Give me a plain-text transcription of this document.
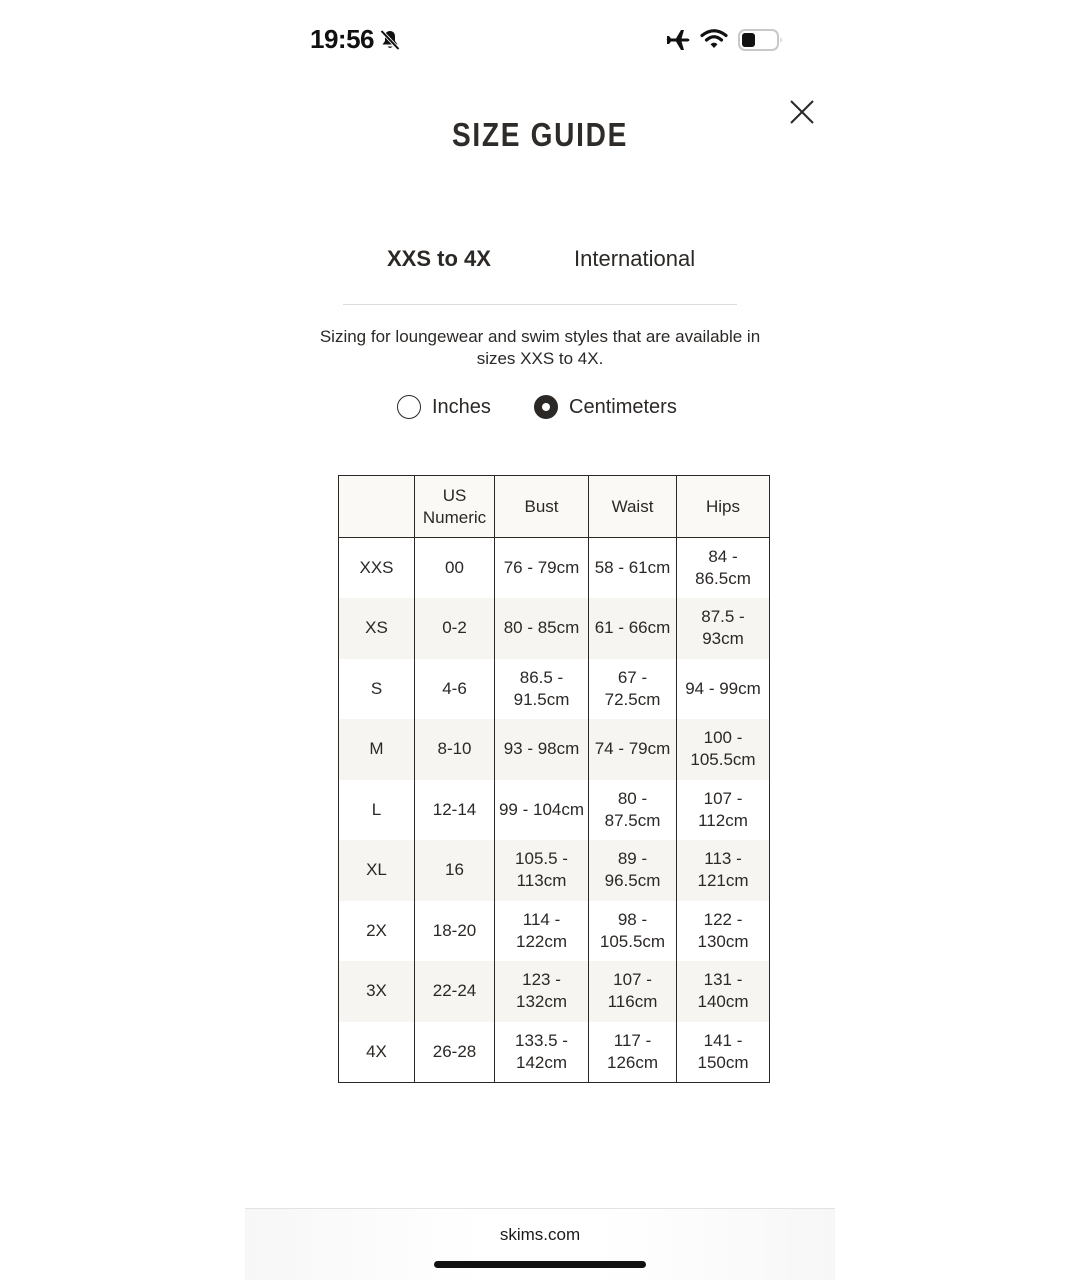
19:56
SIZE GUIDE
XXS to 4X	International
Sizing for loungewear and swim styles that are available in sizes XXS to 4X.
Inches	Centimeters
	US Numeric	Bust	Waist	Hips
XXS	00	76 - 79cm	58 - 61cm	84 - 86.5cm
XS	0-2	80 - 85cm	61 - 66cm	87.5 - 93cm
S	4-6	86.5 - 91.5cm	67 - 72.5cm	94 - 99cm
M	8-10	93 - 98cm	74 - 79cm	100 - 105.5cm
L	12-14	99 - 104cm	80 - 87.5cm	107 - 112cm
XL	16	105.5 - 113cm	89 - 96.5cm	113 - 121cm
2X	18-20	114 - 122cm	98 - 105.5cm	122 - 130cm
3X	22-24	123 - 132cm	107 - 116cm	131 - 140cm
4X	26-28	133.5 - 142cm	117 - 126cm	141 - 150cm
skims.com
